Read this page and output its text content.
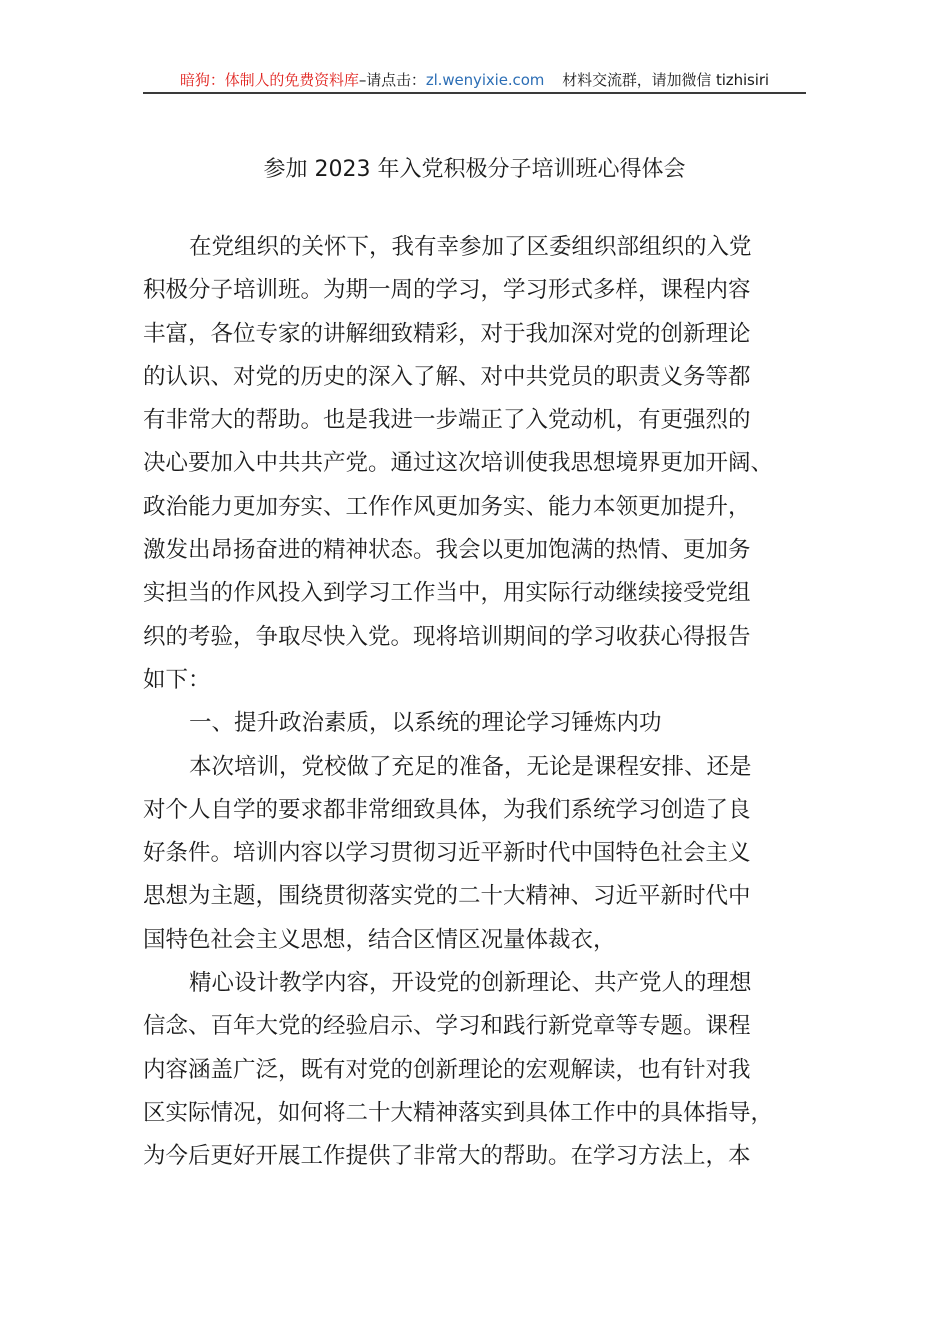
暗狗：体制人的免费资料库–请点击：zl.wenyixie.com 材料交流群，请加微信 tizhisiri
参加 2023 年入党积极分子培训班心得体会
在党组织的关怀下，我有幸参加了区委组织部组织的入党
积极分子培训班。为期一周的学习，学习形式多样，课程内容
丰富，各位专家的讲解细致精彩，对于我加深对党的创新理论
的认识、对党的历史的深入了解、对中共党员的职责义务等都
有非常大的帮助。也是我进一步端正了入党动机，有更强烈的
决心要加入中共共产党。通过这次培训使我思想境界更加开阔、
政治能力更加夯实、工作作风更加务实、能力本领更加提升，
激发出昂扬奋进的精神状态。我会以更加饱满的热情、更加务
实担当的作风投入到学习工作当中，用实际行动继续接受党组
织的考验，争取尽快入党。现将培训期间的学习收获心得报告
如下：
一、提升政治素质，以系统的理论学习锤炼内功
本次培训，党校做了充足的准备，无论是课程安排、还是
对个人自学的要求都非常细致具体，为我们系统学习创造了良
好条件。培训内容以学习贯彻习近平新时代中国特色社会主义
思想为主题，围绕贯彻落实党的二十大精神、习近平新时代中
国特色社会主义思想，结合区情区况量体裁衣，
精心设计教学内容，开设党的创新理论、共产党人的理想
信念、百年大党的经验启示、学习和践行新党章等专题。课程
内容涵盖广泛，既有对党的创新理论的宏观解读，也有针对我
区实际情况，如何将二十大精神落实到具体工作中的具体指导，
为今后更好开展工作提供了非常大的帮助。在学习方法上，本
